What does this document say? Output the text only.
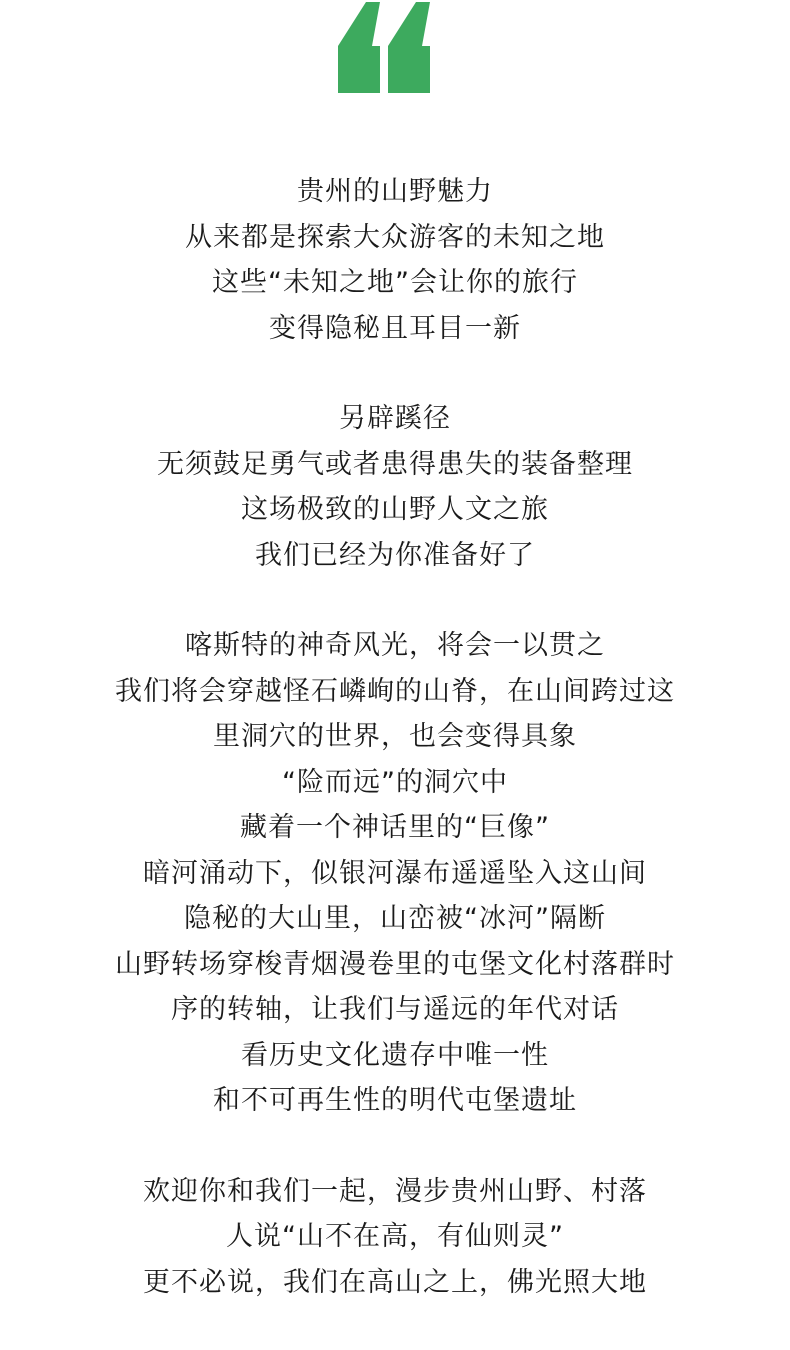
贵州的山野魅力
从来都是探索大众游客的未知之地
这些“未知之地”会让你的旅行
变得隐秘且耳目一新
另辟蹊径
无须鼓足勇气或者患得患失的装备整理
这场极致的山野人文之旅
我们已经为你准备好了
喀斯特的神奇风光，将会一以贯之
我们将会穿越怪石嶙峋的山脊，在山间跨过这
里洞穴的世界，也会变得具象
“险而远”的洞穴中
藏着一个神话里的“巨像”
暗河涌动下，似银河瀑布遥遥坠入这山间
隐秘的大山里，山峦被“冰河”隔断
山野转场穿梭青烟漫卷里的屯堡文化村落群时
序的转轴，让我们与遥远的年代对话
看历史文化遗存中唯一性
和不可再生性的明代屯堡遗址
欢迎你和我们一起，漫步贵州山野、村落
人说“山不在高，有仙则灵”
更不必说，我们在高山之上，佛光照大地
